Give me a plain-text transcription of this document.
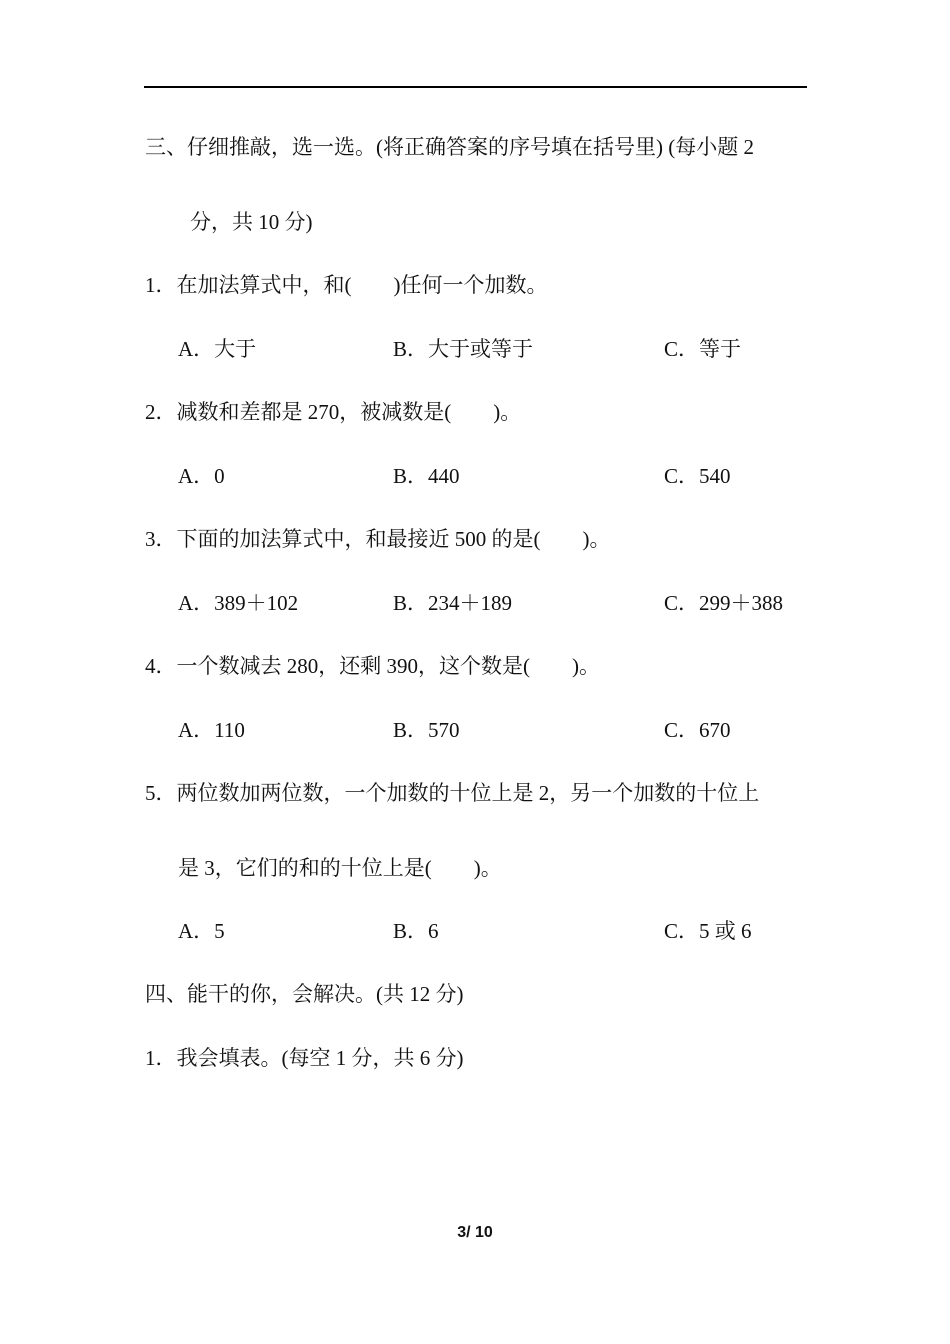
三、仔细推敲，选一选。(将正确答案的序号填在括号里) (每小题 2
分，共 10 分)
1．在加法算式中，和(　　)任何一个加数。
A．大于	B．大于或等于	C．等于
2．减数和差都是 270，被减数是(　　)。
A．0	B．440	C．540
3．下面的加法算式中，和最接近 500 的是(　　)。
A．389＋102	B．234＋189	C．299＋388
4．一个数减去 280，还剩 390，这个数是(　　)。
A．110	B．570	C．670
5．两位数加两位数，一个加数的十位上是 2，另一个加数的十位上
是 3，它们的和的十位上是(　　)。
A．5	B．6	C．5 或 6
四、能干的你，会解决。(共 12 分)
1．我会填表。(每空 1 分，共 6 分)
3/ 10
